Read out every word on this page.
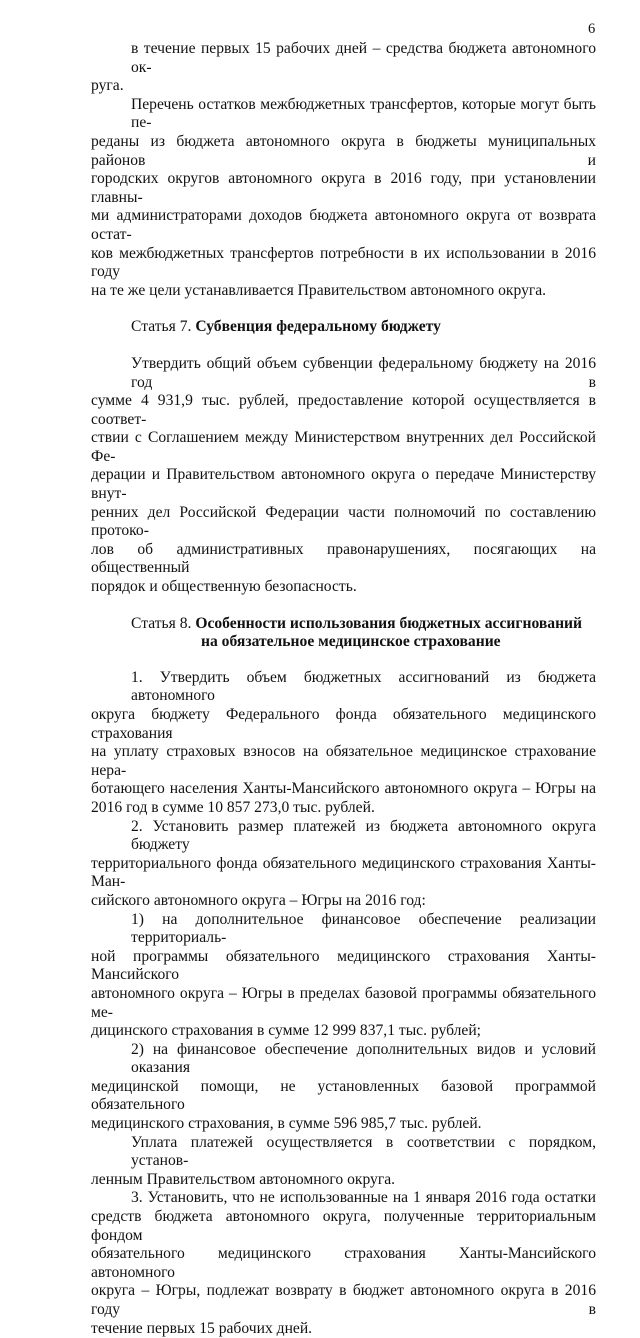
6
в течение первых 15 рабочих дней – средства бюджета автономного ок-
руга.
Перечень остатков межбюджетных трансфертов, которые могут быть пе-
реданы из бюджета автономного округа в бюджеты муниципальных районов и
городских округов автономного округа в 2016 году, при установлении главны-
ми администраторами доходов бюджета автономного округа от возврата остат-
ков межбюджетных трансфертов потребности в их использовании в 2016 году
на те же цели устанавливается Правительством автономного округа.
Статья 7. Субвенция федеральному бюджету
Утвердить общий объем субвенции федеральному бюджету на 2016 год в
сумме 4 931,9 тыс. рублей, предоставление которой осуществляется в соответ-
ствии с Соглашением между Министерством внутренних дел Российской Фе-
дерации и Правительством автономного округа о передаче Министерству внут-
ренних дел Российской Федерации части полномочий по составлению протоко-
лов об административных правонарушениях, посягающих на общественный
порядок и общественную безопасность.
Статья 8. Особенности использования бюджетных ассигнований
на обязательное медицинское страхование
1. Утвердить объем бюджетных ассигнований из бюджета автономного
округа бюджету Федерального фонда обязательного медицинского страхования
на уплату страховых взносов на обязательное медицинское страхование нера-
ботающего населения Ханты-Мансийского автономного округа – Югры на
2016 год в сумме 10 857 273,0 тыс. рублей.
2. Установить размер платежей из бюджета автономного округа бюджету
территориального фонда обязательного медицинского страхования Ханты-Ман-
сийского автономного округа – Югры на 2016 год:
1) на дополнительное финансовое обеспечение реализации территориаль-
ной программы обязательного медицинского страхования Ханты-Мансийского
автономного округа – Югры в пределах базовой программы обязательного ме-
дицинского страхования в сумме 12 999 837,1 тыс. рублей;
2) на финансовое обеспечение дополнительных видов и условий оказания
медицинской помощи, не установленных базовой программой обязательного
медицинского страхования, в сумме 596 985,7 тыс. рублей.
Уплата платежей осуществляется в соответствии с порядком, установ-
ленным Правительством автономного округа.
3. Установить, что не использованные на 1 января 2016 года остатки
средств бюджета автономного округа, полученные территориальным фондом
обязательного медицинского страхования Ханты-Мансийского автономного
округа – Югры, подлежат возврату в бюджет автономного округа в 2016 году в
течение первых 15 рабочих дней.
